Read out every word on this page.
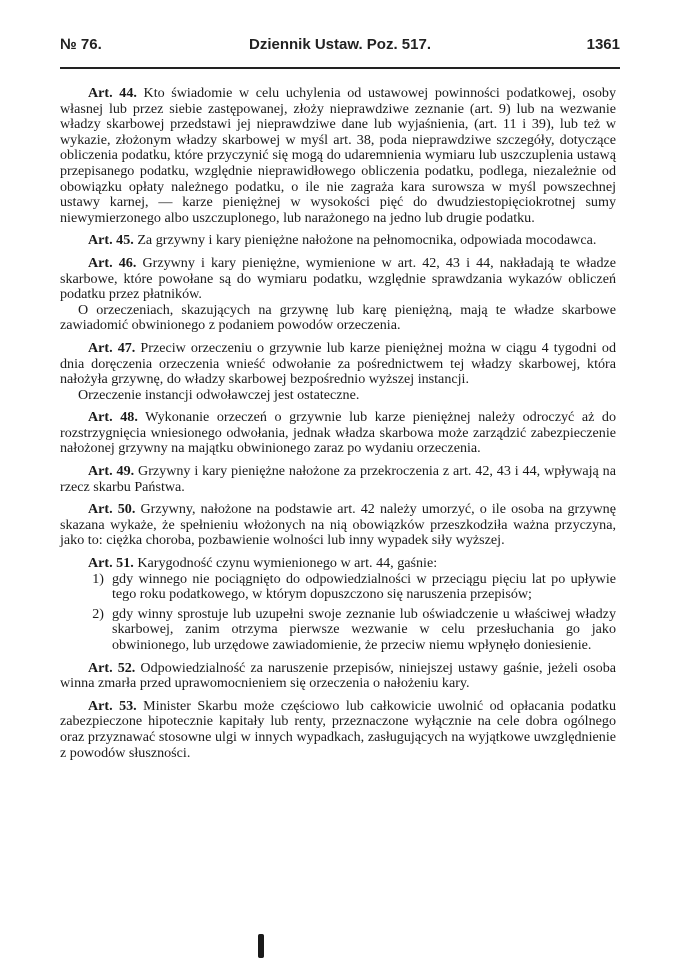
№ 76.	Dziennik Ustaw. Poz. 517.	1361

Art. 44. Kto świadomie w celu uchylenia od ustawowej powinności podatkowej, osoby własnej lub przez siebie zastępowanej, złoży nieprawdziwe zeznanie (art. 9) lub na wezwanie władzy skarbowej przedstawi jej nieprawdziwe dane lub wyjaśnienia, (art. 11 i 39), lub też w wykazie, złożonym władzy skarbowej w myśl art. 38, poda nieprawdziwe szczegóły, dotyczące obliczenia podatku, które przyczynić się mogą do udaremnienia wymiaru lub uszczuplenia ustawą przepisanego podatku, względnie nieprawidłowego obliczenia podatku, podlega, niezależnie od obowiązku opłaty należnego podatku, o ile nie zagraża kara surowsza w myśl powszechnej ustawy karnej, — karze pieniężnej w wysokości pięć do dwudziestopięciokrotnej sumy niewymierzonego albo uszczuplonego, lub narażonego na jedno lub drugie podatku.

Art. 45. Za grzywny i kary pieniężne nałożone na pełnomocnika, odpowiada mocodawca.

Art. 46. Grzywny i kary pieniężne, wymienione w art. 42, 43 i 44, nakładają te władze skarbowe, które powołane są do wymiaru podatku, względnie sprawdzania wykazów obliczeń podatku przez płatników.

O orzeczeniach, skazujących na grzywnę lub karę pieniężną, mają te władze skarbowe zawiadomić obwinionego z podaniem powodów orzeczenia.

Art. 47. Przeciw orzeczeniu o grzywnie lub karze pieniężnej można w ciągu 4 tygodni od dnia doręczenia orzeczenia wnieść odwołanie za pośrednictwem tej władzy skarbowej, która nałożyła grzywnę, do władzy skarbowej bezpośrednio wyższej instancji.

Orzeczenie instancji odwoławczej jest ostateczne.

Art. 48. Wykonanie orzeczeń o grzywnie lub karze pieniężnej należy odroczyć aż do rozstrzygnięcia wniesionego odwołania, jednak władza skarbowa może zarządzić zabezpieczenie nałożonej grzywny na majątku obwinionego zaraz po wydaniu orzeczenia.

Art. 49. Grzywny i kary pieniężne nałożone za przekroczenia z art. 42, 43 i 44, wpływają na rzecz skarbu Państwa.

Art. 50. Grzywny, nałożone na podstawie art. 42 należy umorzyć, o ile osoba na grzywnę skazana wykaże, że spełnieniu włożonych na nią obowiązków przeszkodziła ważna przyczyna, jako to: ciężka choroba, pozbawienie wolności lub inny wypadek siły wyższej.

Art. 51. Karygodność czynu wymienionego w art. 44, gaśnie:

1) gdy winnego nie pociągnięto do odpowiedzialności w przeciągu pięciu lat po upływie tego roku podatkowego, w którym dopuszczono się naruszenia przepisów;
2) gdy winny sprostuje lub uzupełni swoje zeznanie lub oświadczenie u właściwej władzy skarbowej, zanim otrzyma pierwsze wezwanie w celu przesłuchania go jako obwinionego, lub urzędowe zawiadomienie, że przeciw niemu wpłynęło doniesienie.

Art. 52. Odpowiedzialność za naruszenie przepisów, niniejszej ustawy gaśnie, jeżeli osoba winna zmarła przed uprawomocnieniem się orzeczenia o nałożeniu kary.

Art. 53. Minister Skarbu może częściowo lub całkowicie uwolnić od opłacania podatku zabezpieczone hipotecznie kapitały lub renty, przeznaczone wyłącznie na cele dobra ogólnego oraz przyznawać stosowne ulgi w innych wypadkach, zasługujących na wyjątkowe uwzględnienie z powodów słuszności.
